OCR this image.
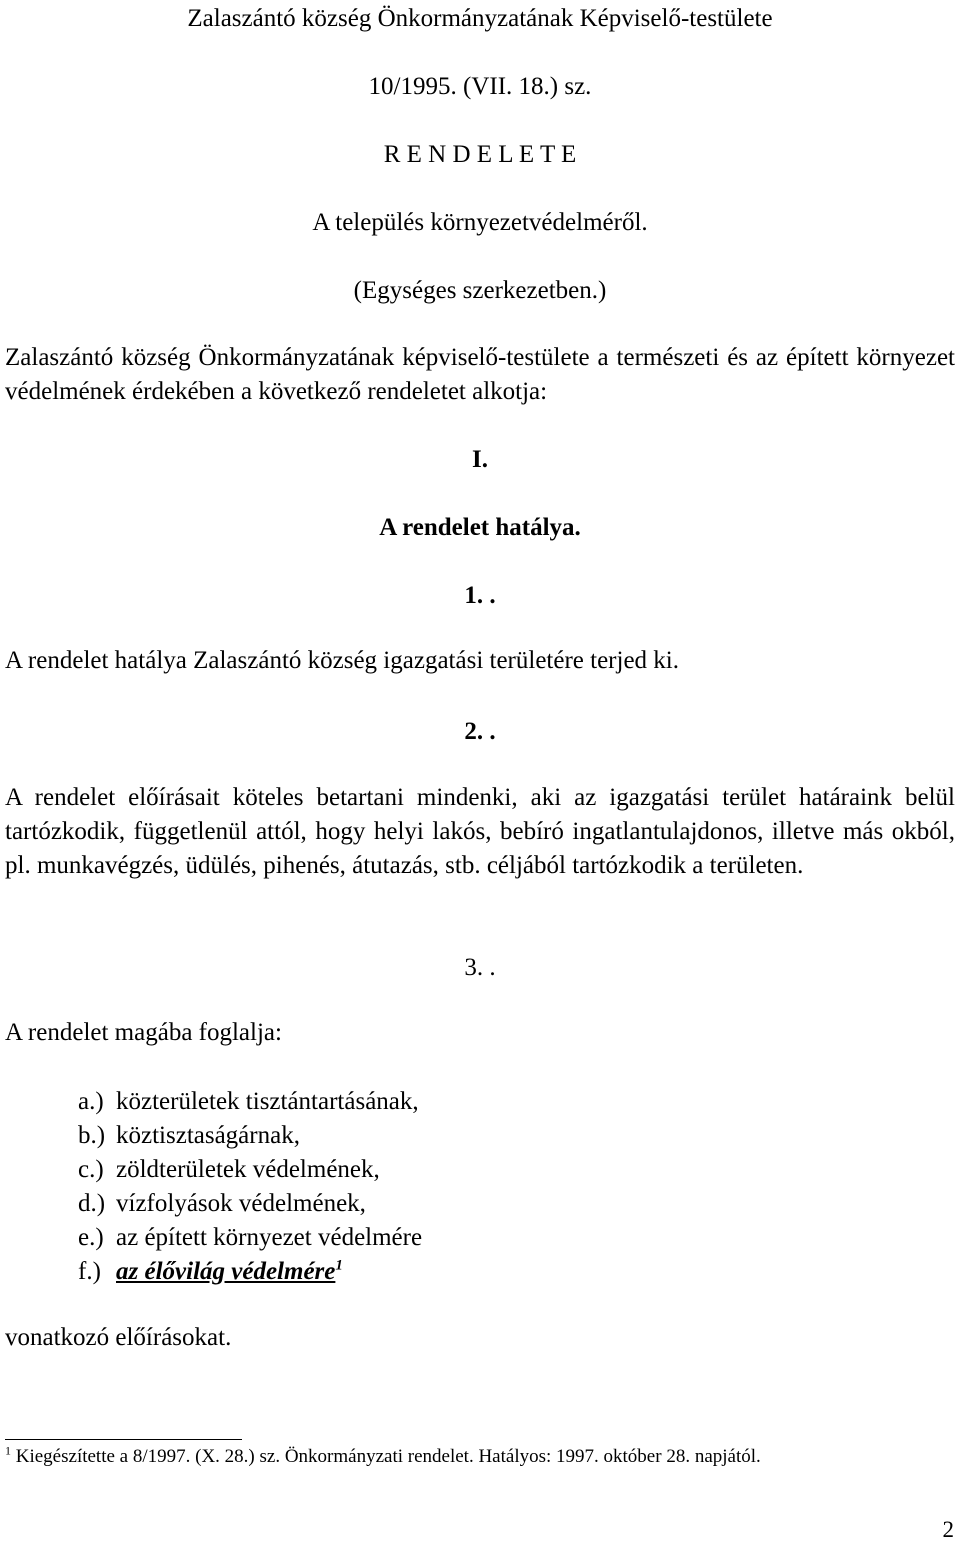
Zalaszántó község Önkormányzatának Képviselő-testülete
10/1995. (VII. 18.) sz.
R E N D E L E T E
A település környezetvédelméről.
(Egységes szerkezetben.)
Zalaszántó község Önkormányzatának képviselő-testülete a természeti és az épített környezet védelmének érdekében a következő rendeletet alkotja:
I.
A rendelet hatálya.
1. .
A rendelet hatálya Zalaszántó község igazgatási területére terjed ki.
2. .
A rendelet előírásait köteles betartani mindenki, aki az igazgatási terület határaink belül tartózkodik, függetlenül attól, hogy helyi lakós, bebíró ingatlantulajdonos, illetve más okból, pl. munkavégzés, üdülés, pihenés, átutazás, stb. céljából tartózkodik a területen.
3. .
A rendelet magába foglalja:
a.) közterületek tisztántartásának,
b.) köztisztaságárnak,
c.) zöldterületek védelmének,
d.) vízfolyások védelmének,
e.) az épített környezet védelmére
f.) az élővilág védelmére$^1$
vonatkozó előírásokat.
$^1$ Kiegészítette a 8/1997. (X. 28.) sz. Önkormányzati rendelet. Hatályos: 1997. október 28. napjától.
2
